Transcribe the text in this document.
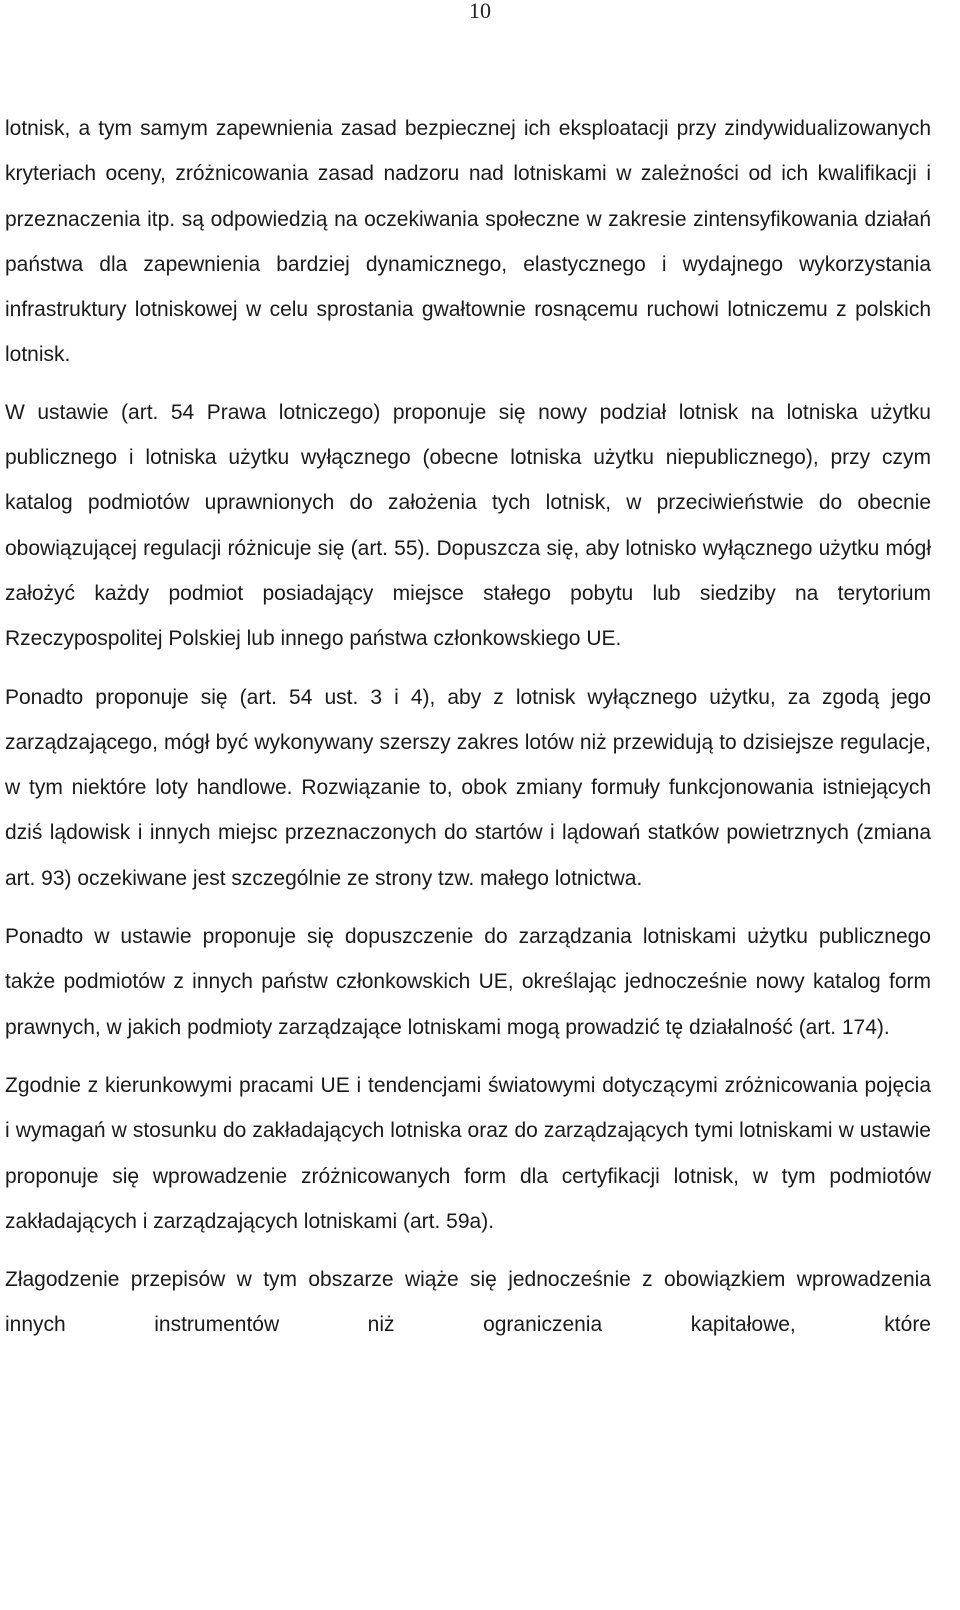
10

lotnisk, a tym samym zapewnienia zasad bezpiecznej ich eksploatacji przy zindywidualizowanych kryteriach oceny, zróżnicowania zasad nadzoru nad lotniskami w zależności od ich kwalifikacji i przeznaczenia itp. są odpowiedzią na oczekiwania społeczne w zakresie zintensyfikowania działań państwa dla zapewnienia bardziej dynamicznego, elastycznego i wydajnego wykorzystania infrastruktury lotniskowej w celu sprostania gwałtownie rosnącemu ruchowi lotniczemu z polskich lotnisk.

W ustawie (art. 54 Prawa lotniczego) proponuje się nowy podział lotnisk na lotniska użytku publicznego i lotniska użytku wyłącznego (obecne lotniska użytku niepublicznego), przy czym katalog podmiotów uprawnionych do założenia tych lotnisk, w przeciwieństwie do obecnie obowiązującej regulacji różnicuje się (art. 55). Dopuszcza się, aby lotnisko wyłącznego użytku mógł założyć każdy podmiot posiadający miejsce stałego pobytu lub siedziby na terytorium Rzeczypospolitej Polskiej lub innego państwa członkowskiego UE.

Ponadto proponuje się (art. 54 ust. 3 i 4), aby z lotnisk wyłącznego użytku, za zgodą jego zarządzającego, mógł być wykonywany szerszy zakres lotów niż przewidują to dzisiejsze regulacje, w tym niektóre loty handlowe. Rozwiązanie to, obok zmiany formuły funkcjonowania istniejących dziś lądowisk i innych miejsc przeznaczonych do startów i lądowań statków powietrznych (zmiana art. 93) oczekiwane jest szczególnie ze strony tzw. małego lotnictwa.

Ponadto w ustawie proponuje się dopuszczenie do zarządzania lotniskami użytku publicznego także podmiotów z innych państw członkowskich UE, określając jednocześnie nowy katalog form prawnych, w jakich podmioty zarządzające lotniskami mogą prowadzić tę działalność (art. 174).

Zgodnie z kierunkowymi pracami UE i tendencjami światowymi dotyczącymi zróżnicowania pojęcia i wymagań w stosunku do zakładających lotniska oraz do zarządzających tymi lotniskami w ustawie proponuje się wprowadzenie zróżnicowanych form dla certyfikacji lotnisk, w tym podmiotów zakładających i zarządzających lotniskami (art. 59a).

Złagodzenie przepisów w tym obszarze wiąże się jednocześnie z obowiązkiem wprowadzenia innych instrumentów niż ograniczenia kapitałowe, które
